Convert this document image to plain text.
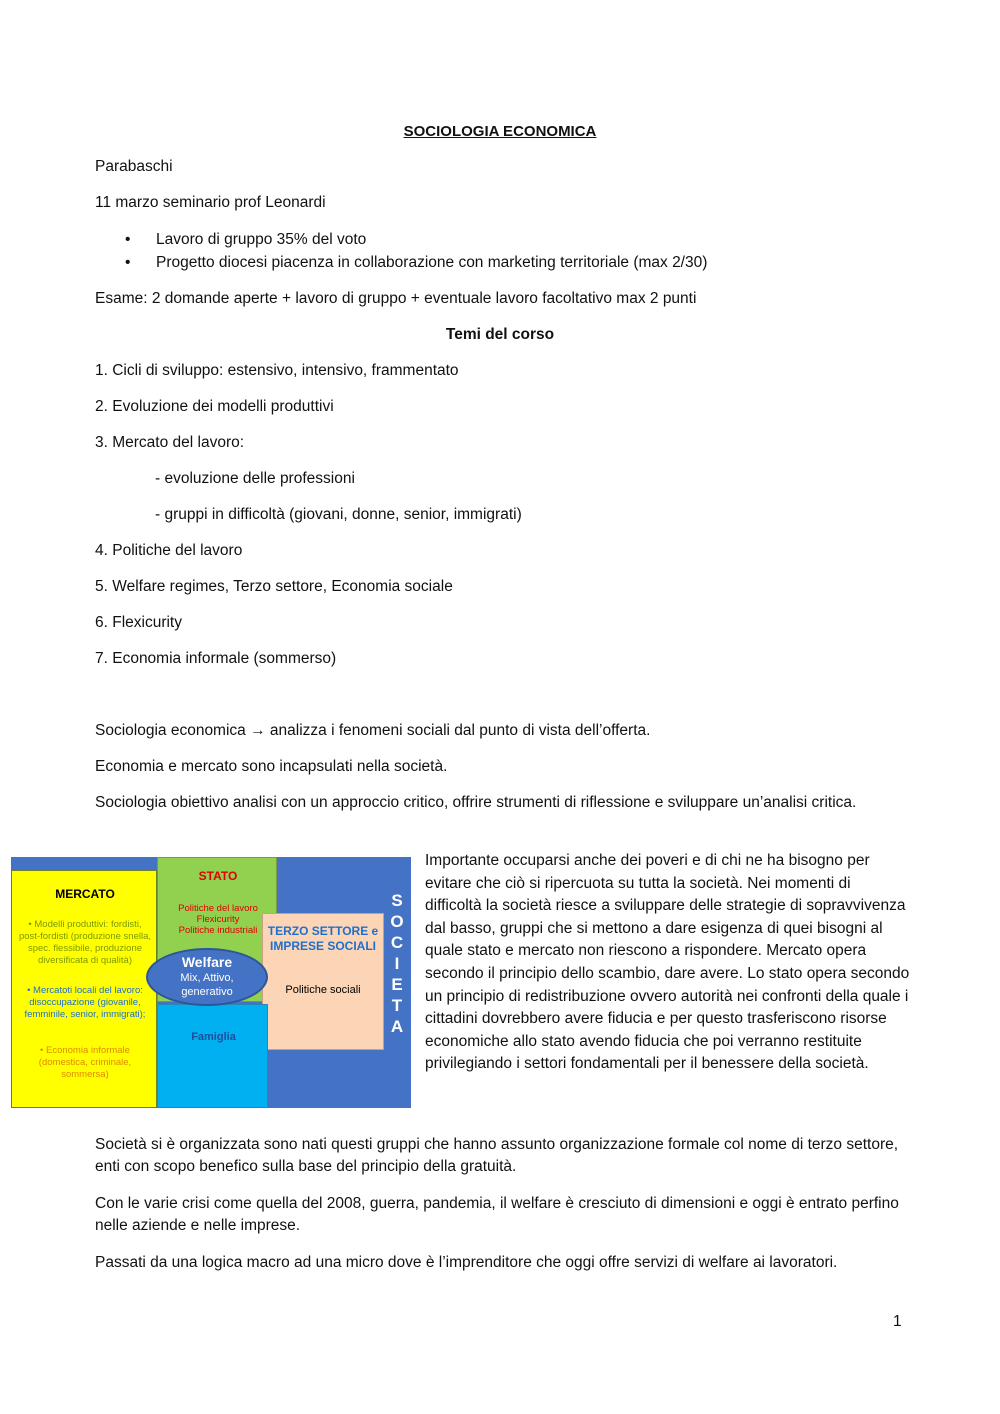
SOCIOLOGIA ECONOMICA
Parabaschi
11 marzo seminario prof Leonardi
• Lavoro di gruppo 35% del voto
• Progetto diocesi piacenza in collaborazione con marketing territoriale (max 2/30)
Esame: 2 domande aperte + lavoro di gruppo + eventuale lavoro facoltativo max 2 punti
Temi del corso
1. Cicli di sviluppo: estensivo, intensivo, frammentato
2. Evoluzione dei modelli produttivi
3. Mercato del lavoro:
- evoluzione delle professioni
- gruppi in difficoltà (giovani, donne, senior, immigrati)
4. Politiche del lavoro
5. Welfare regimes, Terzo settore, Economia sociale
6. Flexicurity
7. Economia informale (sommerso)
Sociologia economica → analizza i fenomeni sociali dal punto di vista dell’offerta.
Economia e mercato sono incapsulati nella società.
Sociologia obiettivo analisi con un approccio critico, offrire strumenti di riflessione e sviluppare un’analisi critica.
MERCATO
• Modelli produttivi: fordisti, post-fordisti (produzione snella, spec. flessibile, produzione diversificata di qualità)
• Mercatoti locali del lavoro: disoccupazione (giovanile, femminile, senior, immigrati);
• Economia informale (domestica, criminale, sommersa)
STATO
Politiche del lavoro
Flexicurity
Politiche industriali TERZO SETTORE e IMPRESE SOCIALI
Politiche sociali
Famiglia
Welfare
Mix, Attivo, generativo
S
O
C
I
E
T
A
Importante occuparsi anche dei poveri e di chi ne ha bisogno per evitare che ciò si ripercuota su tutta la società. Nei momenti di difficoltà la società riesce a sviluppare delle strategie di sopravvivenza dal basso, gruppi che si mettono a dare esigenza di quei bisogni al quale stato e mercato non riescono a rispondere. Mercato opera secondo il principio dello scambio, dare avere. Lo stato opera secondo un principio di redistribuzione ovvero autorità nei confronti della quale i cittadini dovrebbero avere fiducia e per questo trasferiscono risorse economiche allo stato avendo fiducia che poi verranno restituite privilegiando i settori fondamentali per il benessere della società.
Società si è organizzata sono nati questi gruppi che hanno assunto organizzazione formale col nome di terzo settore, enti con scopo benefico sulla base del principio della gratuità.
Con le varie crisi come quella del 2008, guerra, pandemia, il welfare è cresciuto di dimensioni e oggi è entrato perfino nelle aziende e nelle imprese.
Passati da una logica macro ad una micro dove è l’imprenditore che oggi offre servizi di welfare ai lavoratori.
1
